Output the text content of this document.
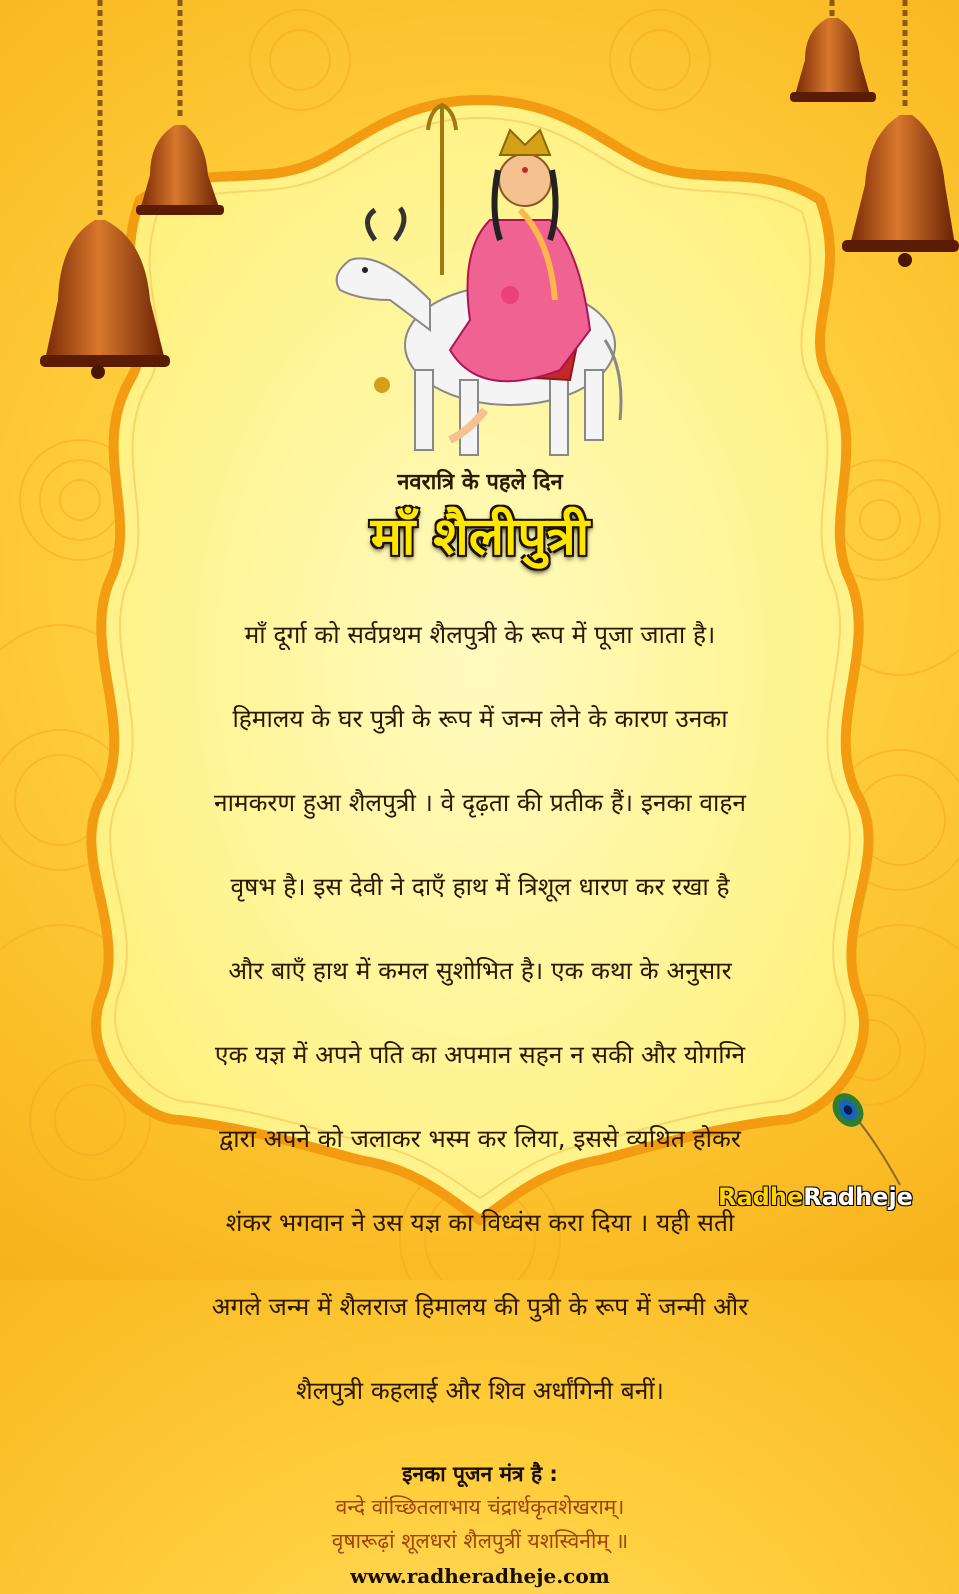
नवरात्रि के पहले दिन
माँ शैलीपुत्री

माँ दूर्गा को सर्वप्रथम शैलपुत्री के रूप में पूजा जाता है।

हिमालय के घर पुत्री के रूप में जन्म लेने के कारण उनका

नामकरण हुआ शैलपुत्री । वे दृढ़ता की प्रतीक हैं। इनका वाहन

वृषभ है। इस देवी ने दाएँ हाथ में त्रिशूल धारण कर रखा है

और बाएँ हाथ में कमल सुशोभित है। एक कथा के अनुसार

एक यज्ञ में अपने पति का अपमान सहन न सकी और योगग्नि

द्वारा अपने को जलाकर भस्म कर लिया, इससे व्यथित होकर

शंकर भगवान ने उस यज्ञ का विध्वंस करा दिया । यही सती

अगले जन्म में शैलराज हिमालय की पुत्री के रूप में जन्मी और

शैलपुत्री कहलाई और शिव अर्धांगिनी बनीं।

इनका पूजन मंत्र है :
वन्दे वांच्छितलाभाय चंद्रार्धकृतशेखराम्।
वृषारूढ़ां शूलधरां शैलपुत्रीं यशस्विनीम् ॥
www.radheradheje.com
RadheRadheje
